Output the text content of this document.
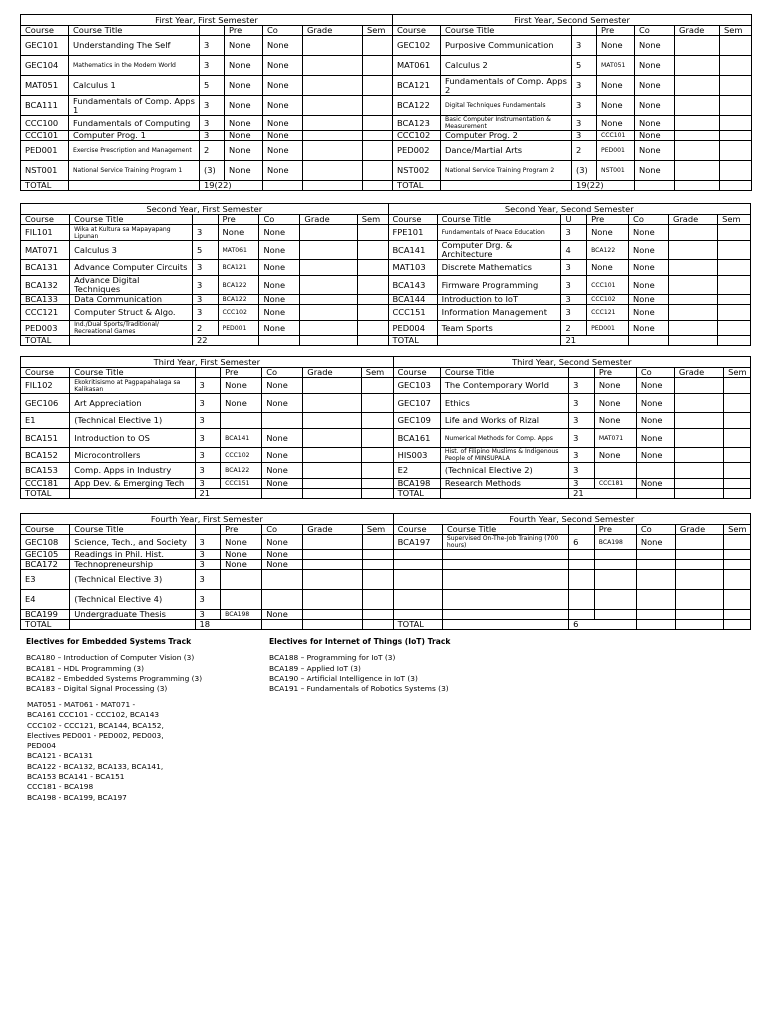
First Year, First Semester							First Year, Second Semester						
Course	Course Title		Pre	Co	Grade	Sem	Course	Course Title		Pre	Co	Grade	Sem
GEC101	Understanding The Self	3	None	None			GEC102	Purposive Communication	3	None	None		
GEC104	Mathematics in the Modern World	3	None	None			MAT061	Calculus 2	5	MAT051	None		
MAT051	Calculus 1	5	None	None			BCA121	Fundamentals of Comp. Apps 2	3	None	None		
BCA111	Fundamentals of Comp. Apps 1	3	None	None			BCA122	Digital Techniques Fundamentals	3	None	None		
CCC100	Fundamentals of Computing	3	None	None			BCA123	Basic Computer Instrumentation & Measurement	3	None	None		
CCC101	Computer Prog. 1	3	None	None			CCC102	Computer Prog. 2	3	CCC101	None		
PED001	Exercise Prescription and Management	2	None	None			PED002	Dance/Martial Arts	2	PED001	None		
NST001	National Service Training Program 1	(3)	None	None			NST002	National Service Training Program 2	(3)	NST001	None		
TOTAL		19(22)					TOTAL		19(22)				
Second Year, First Semester							Second Year, Second Semester						
Course	Course Title		Pre	Co	Grade	Sem	Course	Course Title	U	Pre	Co	Grade	Sem
FIL101	Wika at Kultura sa Mapayapang Lipunan	3	None	None			FPE101	Fundamentals of Peace Education	3	None	None		
MAT071	Calculus 3	5	MAT061	None			BCA141	Computer Drg. & Architecture	4	BCA122	None		
BCA131	Advance Computer Circuits	3	BCA121	None			MAT103	Discrete Mathematics	3	None	None		
BCA132	Advance Digital Techniques	3	BCA122	None			BCA143	Firmware Programming	3	CCC101	None		
BCA133	Data Communication	3	BCA122	None			BCA144	Introduction to IoT	3	CCC102	None		
CCC121	Computer Struct & Algo.	3	CCC102	None			CCC151	Information Management	3	CCC121	None		
PED003	Ind./Dual Sports/Traditional/ Recreational Games	2	PED001	None			PED004	Team Sports	2	PED001	None		
TOTAL		22					TOTAL		21				
Third Year, First Semester							Third Year, Second Semester						
Course	Course Title		Pre	Co	Grade	Sem	Course	Course Title		Pre	Co	Grade	Sem
FIL102	Ekokritisismo at Pagpapahalaga sa Kalikasan	3	None	None			GEC103	The Contemporary World	3	None	None		
GEC106	Art Appreciation	3	None	None			GEC107	Ethics	3	None	None		
E1	(Technical Elective 1)	3					GEC109	Life and Works of Rizal	3	None	None		
BCA151	Introduction to OS	3	BCA141	None			BCA161	Numerical Methods for Comp. Apps	3	MAT071	None		
BCA152	Microcontrollers	3	CCC102	None			HIS003	Hist. of Filipino Muslims & Indigenous People of MINSUPALA	3	None	None		
BCA153	Comp. Apps in Industry	3	BCA122	None			E2	(Technical Elective 2)	3				
CCC181	App Dev. & Emerging Tech	3	CCC151	None			BCA198	Research Methods	3	CCC181	None		
TOTAL		21					TOTAL		21				
Fourth Year, First Semester							Fourth Year, Second Semester						
Course	Course Title		Pre	Co	Grade	Sem	Course	Course Title		Pre	Co	Grade	Sem
GEC108	Science, Tech., and Society	3	None	None			BCA197	Supervised On-The-Job Training (700 hours)	6	BCA198	None		
GEC105	Readings in Phil. Hist.	3	None	None									
BCA172	Technopreneurship	3	None	None									
E3	(Technical Elective 3)	3											
E4	(Technical Elective 4)	3											
BCA199	Undergraduate Thesis	3	BCA198	None									
TOTAL		18					TOTAL		6				
Electives for Embedded Systems Track
BCA180 – Introduction of Computer Vision (3)
BCA181 – HDL Programming (3)
BCA182 – Embedded Systems Programming (3)
BCA183 – Digital Signal Processing (3)
Electives for Internet of Things (IoT) Track
BCA188 – Programming for IoT (3)
BCA189 – Applied IoT (3)
BCA190 – Artificial Intelligence in IoT (3)
BCA191 – Fundamentals of Robotics Systems (3)
MAT051 - MAT061 - MAT071 -
BCA161 CCC101 - CCC102, BCA143
CCC102 - CCC121, BCA144, BCA152,
Electives PED001 - PED002, PED003,
PED004
BCA121 - BCA131
BCA122 - BCA132, BCA133, BCA141,
BCA153 BCA141 - BCA151
CCC181 - BCA198
BCA198 - BCA199, BCA197
